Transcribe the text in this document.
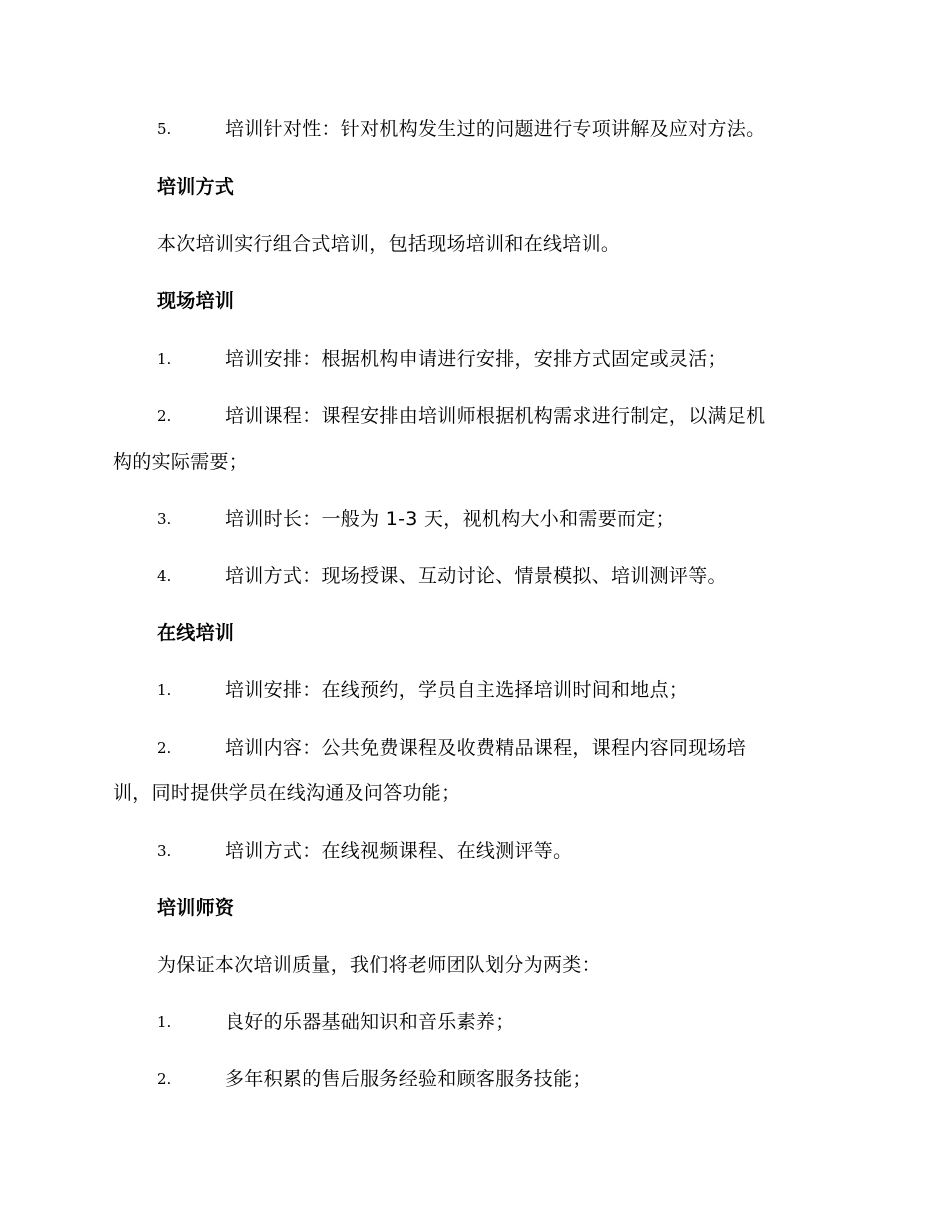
5.	培训针对性：针对机构发生过的问题进行专项讲解及应对方法。
培训方式
本次培训实行组合式培训，包括现场培训和在线培训。
现场培训
1.	培训安排：根据机构申请进行安排，安排方式固定或灵活；
2.	培训课程：课程安排由培训师根据机构需求进行制定，以满足机
构的实际需要；
3.	培训时长：一般为 1-3 天，视机构大小和需要而定；
4.	培训方式：现场授课、互动讨论、情景模拟、培训测评等。
在线培训
1.	培训安排：在线预约，学员自主选择培训时间和地点；
2.	培训内容：公共免费课程及收费精品课程，课程内容同现场培
训，同时提供学员在线沟通及问答功能；
3.	培训方式：在线视频课程、在线测评等。
培训师资
为保证本次培训质量，我们将老师团队划分为两类：
1.	良好的乐器基础知识和音乐素养；
2.	多年积累的售后服务经验和顾客服务技能；
